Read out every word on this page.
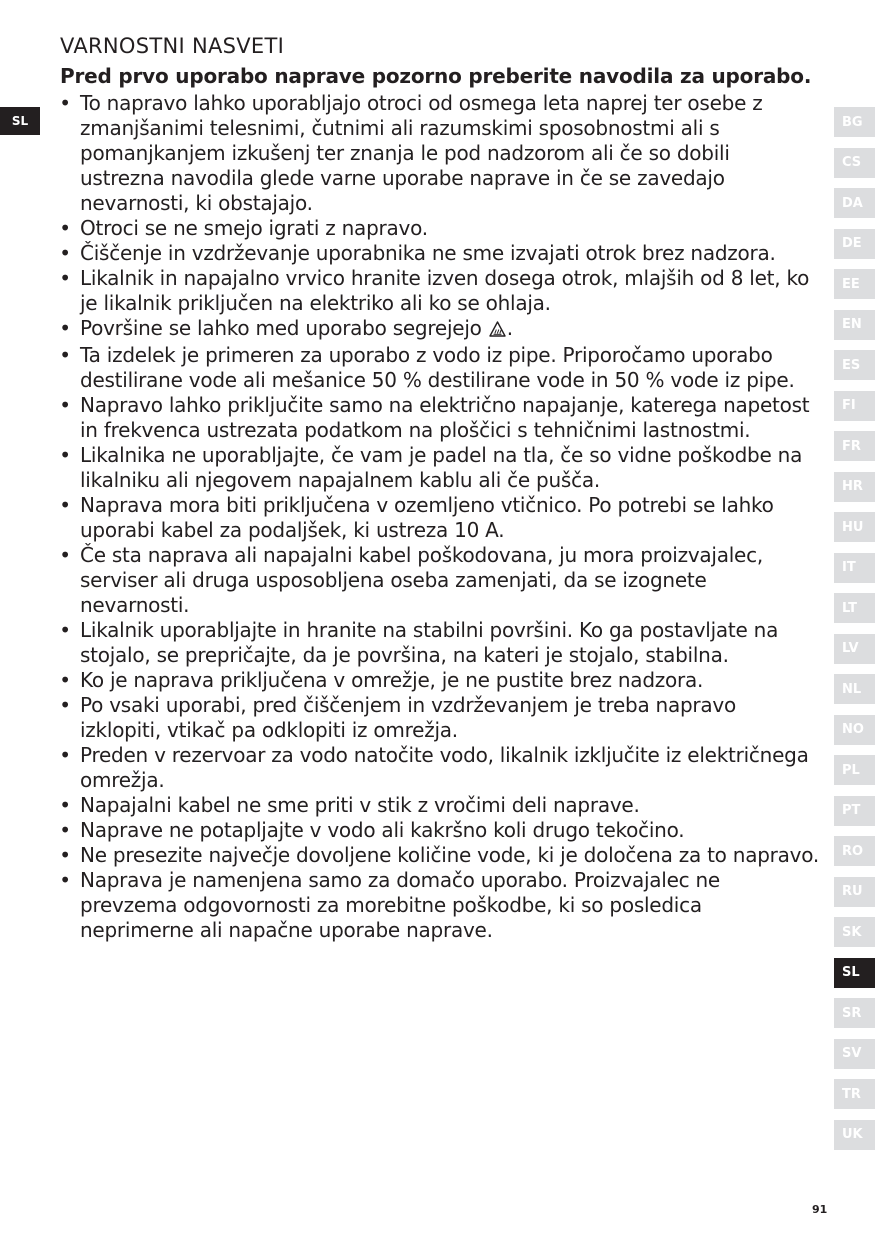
VARNOSTNI NASVETI
Pred prvo uporabo naprave pozorno preberite navodila za uporabo.
SL
• To napravo lahko uporabljajo otroci od osmega leta naprej ter osebe z zmanjšanimi telesnimi, čutnimi ali razumskimi sposobnostmi ali s pomanjkanjem izkušenj ter znanja le pod nadzorom ali če so dobili ustrezna navodila glede varne uporabe naprave in če se zavedajo nevarnosti, ki obstajajo.
• Otroci se ne smejo igrati z napravo.
• Čiščenje in vzdrževanje uporabnika ne sme izvajati otrok brez nadzora.
• Likalnik in napajalno vrvico hranite izven dosega otrok, mlajših od 8 let, ko je likalnik priključen na elektriko ali ko se ohlaja.
• Površine se lahko med uporabo segrejejo .
• Ta izdelek je primeren za uporabo z vodo iz pipe. Priporočamo uporabo destilirane vode ali mešanice 50 % destilirane vode in 50 % vode iz pipe.
• Napravo lahko priključite samo na električno napajanje, katerega napetost in frekvenca ustrezata podatkom na ploščici s tehničnimi lastnostmi.
• Likalnika ne uporabljajte, če vam je padel na tla, če so vidne poškodbe na likalniku ali njegovem napajalnem kablu ali če pušča.
• Naprava mora biti priključena v ozemljeno vtičnico. Po potrebi se lahko uporabi kabel za podaljšek, ki ustreza 10 A.
• Če sta naprava ali napajalni kabel poškodovana, ju mora proizvajalec, serviser ali druga usposobljena oseba zamenjati, da se izognete nevarnosti.
• Likalnik uporabljajte in hranite na stabilni površini. Ko ga postavljate na stojalo, se prepričajte, da je površina, na kateri je stojalo, stabilna.
• Ko je naprava priključena v omrežje, je ne pustite brez nadzora.
• Po vsaki uporabi, pred čiščenjem in vzdrževanjem je treba napravo izklopiti, vtikač pa odklopiti iz omrežja.
• Preden v rezervoar za vodo natočite vodo, likalnik izključite iz električnega omrežja.
• Napajalni kabel ne sme priti v stik z vročimi deli naprave.
• Naprave ne potapljajte v vodo ali kakršno koli drugo tekočino.
• Ne presezite največje dovoljene količine vode, ki je določena za to napravo.
• Naprava je namenjena samo za domačo uporabo. Proizvajalec ne prevzema odgovornosti za morebitne poškodbe, ki so posledica neprimerne ali napačne uporabe naprave.
BG
CS
DA
DE
EE
EN
ES
FI
FR
HR
HU
IT
LT
LV
NL
NO
PL
PT
RO
RU
SK
SL
SR
SV
TR
UK
91
